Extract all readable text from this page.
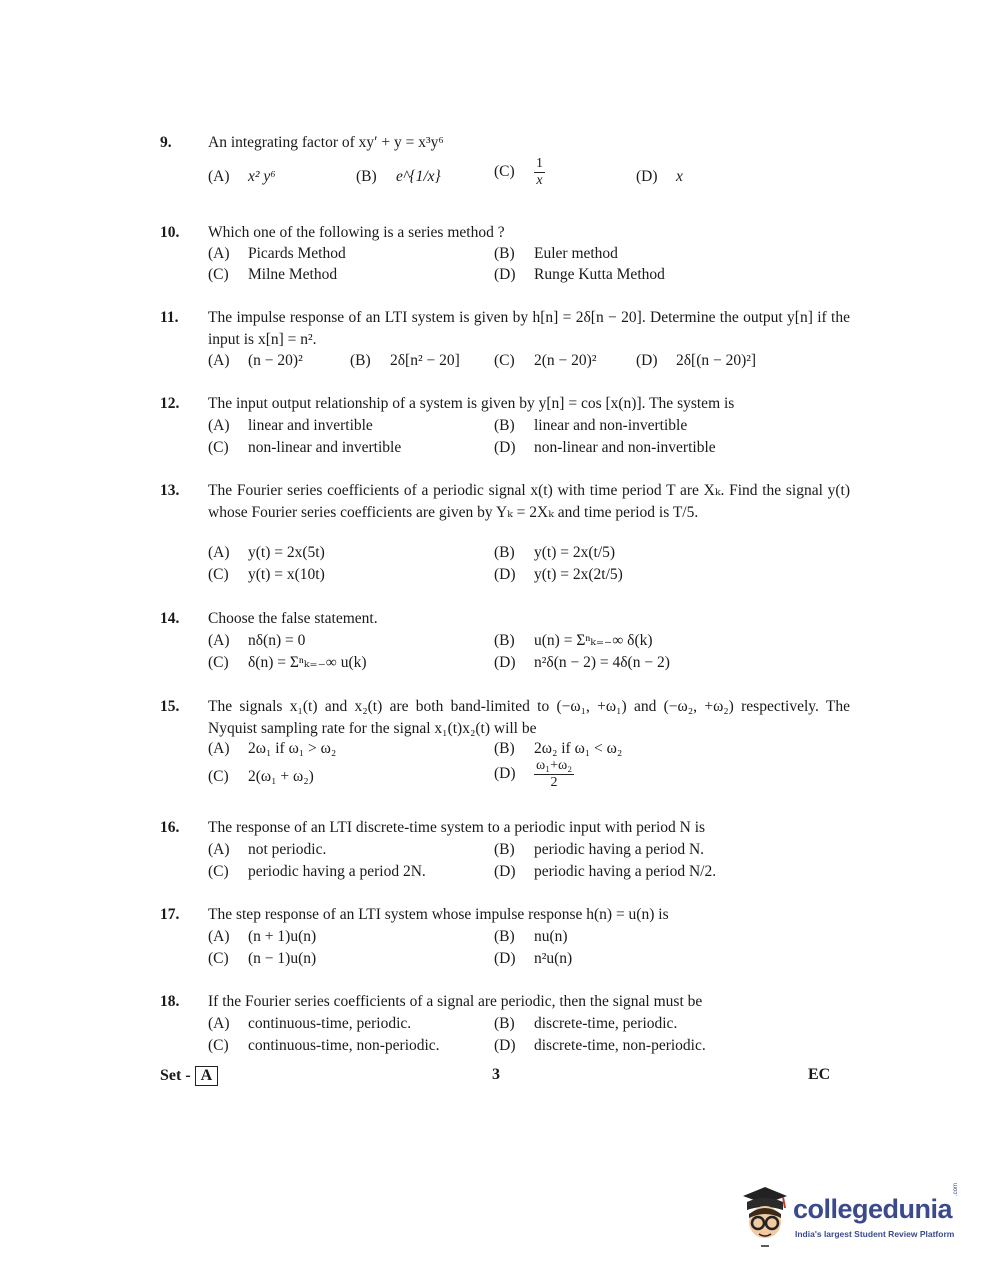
9. An integrating factor of xy′ + y = x³y⁶
(A) x² y⁶	(B) e^{1/x}	$(C) \frac{1}{x}$	(D) x
10. Which one of the following is a series method ?
(A) Picards Method	(B) Euler method
(C) Milne Method	(D) Runge Kutta Method
11. The impulse response of an LTI system is given by h[n] = 2δ[n − 20]. Determine the output y[n] if the input is x[n] = n².
(A) (n − 20)²	(B) 2δ[n² − 20] (C) 2(n − 20)²	(D) 2δ[(n − 20)²]
12. The input output relationship of a system is given by y[n] = cos [x(n)]. The system is
(A) linear and invertible	(B) linear and non-invertible
(C) non-linear and invertible	(D) non-linear and non-invertible
13. The Fourier series coefficients of a periodic signal x(t) with time period T are Xₖ. Find the signal y(t) whose Fourier series coefficients are given by Yₖ = 2Xₖ and time period is T/5.
(A) y(t) = 2x(5t)	(B) y(t) = 2x(t/5)
(C) y(t) = x(10t)	(D) y(t) = 2x(2t/5)
14. Choose the false statement.
(A) nδ(n) = 0	(B) u(n) = Σⁿₖ₌₋∞ δ(k)
(C) δ(n) = Σⁿₖ₌₋∞ u(k)	(D) n²δ(n − 2) = 4δ(n − 2)
15. The signals x₁(t) and x₂(t) are both band-limited to (−ω₁, +ω₁) and (−ω₂, +ω₂) respectively. The Nyquist sampling rate for the signal x₁(t)x₂(t) will be
(A) 2ω₁ if ω₁ > ω₂	(B) 2ω₂ if ω₁ < ω₂
(C) 2(ω₁ + ω₂)	$(D) \frac{\text{ω₁+ω₂}}{2}$
16. The response of an LTI discrete-time system to a periodic input with period N is
(A) not periodic.	(B) periodic having a period N.
(C) periodic having a period 2N.	(D) periodic having a period N/2.
17. The step response of an LTI system whose impulse response h(n) = u(n) is
(A) (n + 1)u(n)	(B) nu(n)
(C) (n − 1)u(n)	(D) n²u(n)
18. If the Fourier series coefficients of a signal are periodic, then the signal must be
(A) continuous-time, periodic.	(B) discrete-time, periodic.
(C) continuous-time, non-periodic.	(D) discrete-time, non-periodic.
Set - A	3	EC
collegedunia
.com
India's largest Student Review Platform
